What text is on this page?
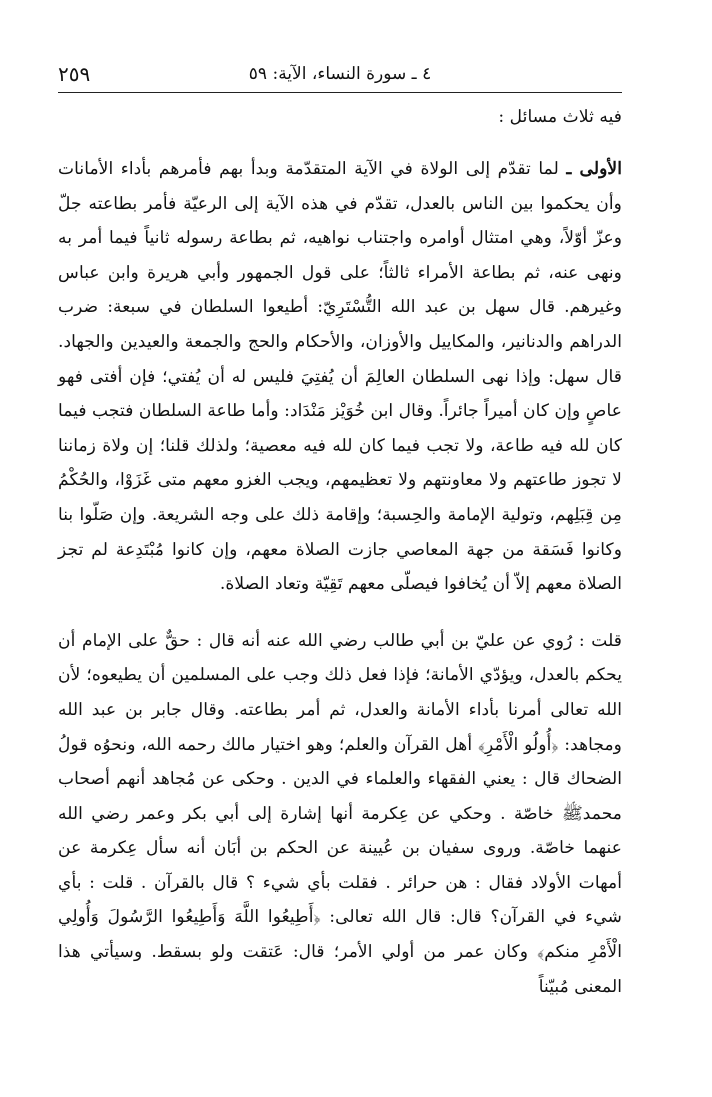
٤ ـ سورة النساء، الآية: ٥٩
٢٥٩
فيه ثلاث مسائل :

الأولى ـ لما تقدّم إلى الولاة في الآية المتقدّمة وبدأ بهم فأمرهم بأداء الأمانات وأن يحكموا بين الناس بالعدل، تقدّم في هذه الآية إلى الرعيّة فأمر بطاعته جلّ وعزّ أوّلاً، وهي امتثال أوامره واجتناب نواهيه، ثم بطاعة رسوله ثانياً فيما أمر به ونهى عنه، ثم بطاعة الأمراء ثالثاً؛ على قول الجمهور وأبي هريرة وابن عباس وغيرهم. قال سهل بن عبد الله التُّسْتَرِيّ: أطيعوا السلطان في سبعة: ضرب الدراهم والدنانير، والمكاييل والأوزان، والأحكام والحج والجمعة والعيدين والجهاد. قال سهل: وإذا نهى السلطان العالِمَ أن يُفتِيَ فليس له أن يُفتي؛ فإن أفتى فهو عاصٍ وإن كان أميراً جائراً. وقال ابن خُوَيْز مَنْدَاد: وأما طاعة السلطان فتجب فيما كان لله فيه طاعة، ولا تجب فيما كان لله فيه معصية؛ ولذلك قلنا؛ إن ولاة زماننا لا تجوز طاعتهم ولا معاونتهم ولا تعظيمهم، ويجب الغزو معهم متى غَزَوْا، والحُكْمُ مِن قِبَلِهم، وتولية الإمامة والحِسبة؛ وإقامة ذلك على وجه الشريعة. وإن صَلّوا بنا وكانوا فَسَقة من جهة المعاصي جازت الصلاة معهم، وإن كانوا مُبْتَدِعة لم تجز الصلاة معهم إلاّ أن يُخافوا فيصلّى معهم تَقِيّة وتعاد الصلاة.

قلت : رُوي عن عليّ بن أبي طالب رضي الله عنه أنه قال : حقٌّ على الإمام أن يحكم بالعدل، ويؤدّي الأمانة؛ فإذا فعل ذلك وجب على المسلمين أن يطيعوه؛ لأن الله تعالى أمرنا بأداء الأمانة والعدل، ثم أمر بطاعته. وقال جابر بن عبد الله ومجاهد: ﴿أُولُو الْأَمْرِ﴾ أهل القرآن والعلم؛ وهو اختيار مالك رحمه الله، ونحوُه قولُ الضحاك قال : يعني الفقهاء والعلماء في الدين . وحكى عن مُجاهد أنهم أصحاب محمدﷺ خاصّة . وحكي عن عِكرمة أنها إشارة إلى أبي بكر وعمر رضي الله عنهما خاصّة. وروى سفيان بن عُيينة عن الحكم بن أبَان أنه سأل عِكرمة عن أمهات الأولاد فقال : هن حرائر . فقلت بأي شيء ؟ قال بالقرآن . قلت : بأي شيء في القرآن؟ قال: قال الله تعالى: ﴿أَطِيعُوا اللَّهَ وَأَطِيعُوا الرَّسُولَ وَأُولِي الْأَمْرِ منكم﴾ وكان عمر من أولي الأمر؛ قال: عَتقت ولو بسقط. وسيأتي هذا المعنى مُبيّناً
